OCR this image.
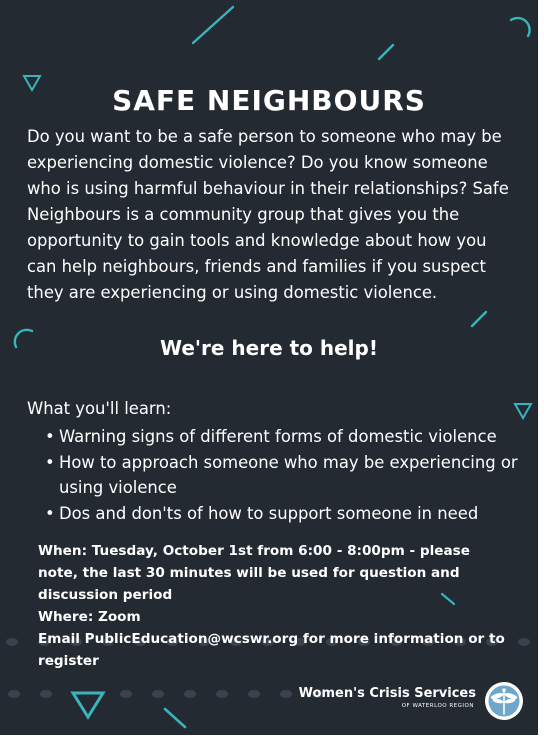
SAFE NEIGHBOURS
Do you want to be a safe person to someone who may be experiencing domestic violence? Do you know someone who is using harmful behaviour in their relationships? Safe Neighbours is a community group that gives you the opportunity to gain tools and knowledge about how you can help neighbours, friends and families if you suspect they are experiencing or using domestic violence.
We're here to help!
What you'll learn:
• Warning signs of different forms of domestic violence
• How to approach someone who may be experiencing or using violence
• Dos and don'ts of how to support someone in need
When: Tuesday, October 1st from 6:00 - 8:00pm - please note, the last 30 minutes will be used for question and discussion period
Where: Zoom
Email PublicEducation@wcswr.org for more information or to register
Women's Crisis Services
OF WATERLOO REGION
